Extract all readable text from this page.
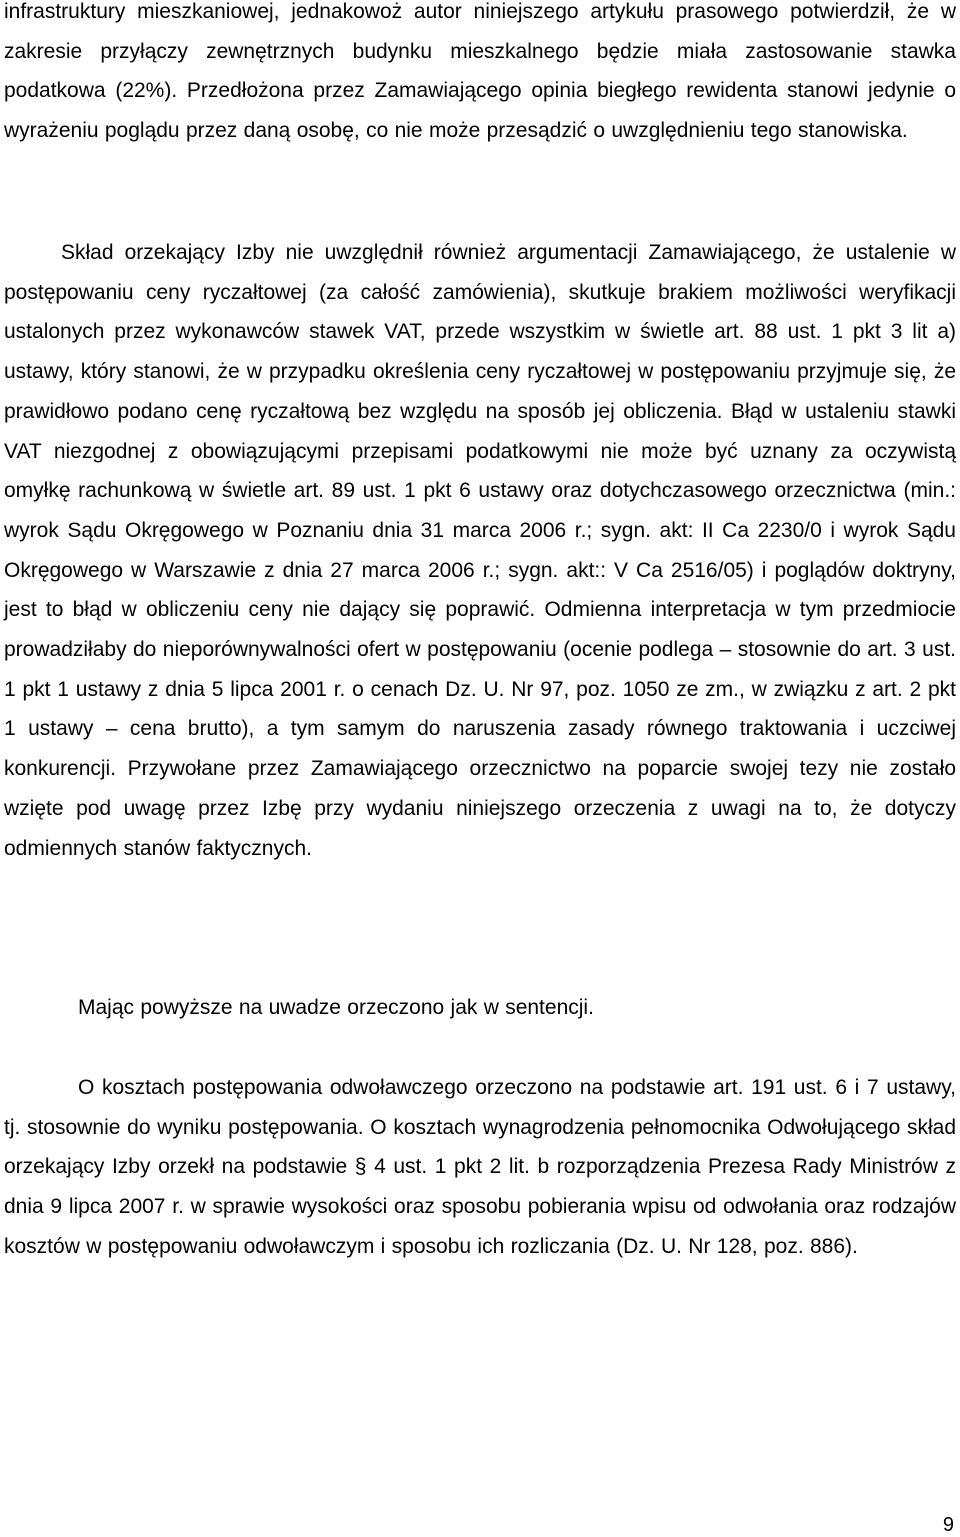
infrastruktury mieszkaniowej, jednakowoż autor niniejszego artykułu prasowego potwierdził, że w zakresie przyłączy zewnętrznych budynku mieszkalnego będzie miała zastosowanie stawka podatkowa (22%). Przedłożona przez Zamawiającego opinia biegłego rewidenta stanowi jedynie o wyrażeniu poglądu przez daną osobę, co nie może przesądzić o uwzględnieniu tego stanowiska.

Skład orzekający Izby nie uwzględnił również argumentacji Zamawiającego, że ustalenie w postępowaniu ceny ryczałtowej (za całość zamówienia), skutkuje brakiem możliwości weryfikacji ustalonych przez wykonawców stawek VAT, przede wszystkim w świetle art. 88 ust. 1 pkt 3 lit a) ustawy, który stanowi, że w przypadku określenia ceny ryczałtowej w postępowaniu przyjmuje się, że prawidłowo podano cenę ryczałtową bez względu na sposób jej obliczenia. Błąd w ustaleniu stawki VAT niezgodnej z obowiązującymi przepisami podatkowymi nie może być uznany za oczywistą omyłkę rachunkową w świetle art. 89 ust. 1 pkt 6 ustawy oraz dotychczasowego orzecznictwa (min.: wyrok Sądu Okręgowego w Poznaniu dnia 31 marca 2006 r.; sygn. akt: II Ca 2230/0 i wyrok Sądu Okręgowego w Warszawie z dnia 27 marca 2006 r.; sygn. akt:: V Ca 2516/05) i poglądów doktryny, jest to błąd w obliczeniu ceny nie dający się poprawić. Odmienna interpretacja w tym przedmiocie prowadziłaby do nieporównywalności ofert w postępowaniu (ocenie podlega – stosownie do art. 3 ust. 1 pkt 1 ustawy z dnia 5 lipca 2001 r. o cenach Dz. U. Nr 97, poz. 1050 ze zm., w związku z art. 2 pkt 1 ustawy – cena brutto), a tym samym do naruszenia zasady równego traktowania i uczciwej konkurencji. Przywołane przez Zamawiającego orzecznictwo na poparcie swojej tezy nie zostało wzięte pod uwagę przez Izbę przy wydaniu niniejszego orzeczenia z uwagi na to, że dotyczy odmiennych stanów faktycznych.

Mając powyższe na uwadze orzeczono jak w sentencji.

O kosztach postępowania odwoławczego orzeczono na podstawie art. 191 ust. 6 i 7 ustawy, tj. stosownie do wyniku postępowania. O kosztach wynagrodzenia pełnomocnika Odwołującego skład orzekający Izby orzekł na podstawie § 4 ust. 1 pkt 2 lit. b rozporządzenia Prezesa Rady Ministrów z dnia 9 lipca 2007 r. w sprawie wysokości oraz sposobu pobierania wpisu od odwołania oraz rodzajów kosztów w postępowaniu odwoławczym i sposobu ich rozliczania (Dz. U. Nr 128, poz. 886).

9
